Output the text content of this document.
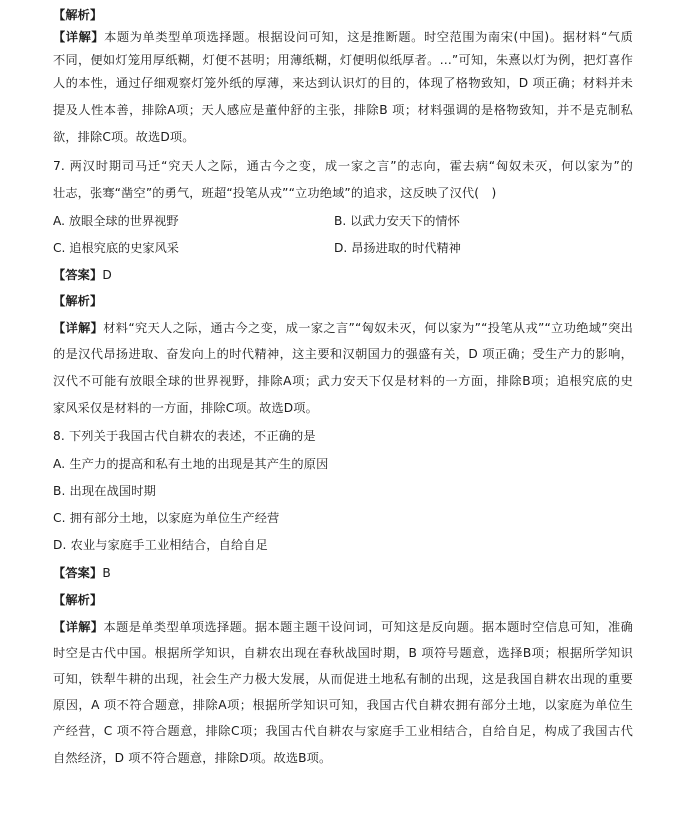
【解析】
【详解】本题为单类型单项选择题。根据设问可知，这是推断题。时空范围为南宋(中国)。据材料“气质
不同，便如灯笼用厚纸糊，灯便不甚明；用薄纸糊，灯便明似纸厚者。…”可知，朱熹以灯为例，把灯喜作
人的本性，通过仔细观察灯笼外纸的厚薄，来达到认识灯的目的，体现了格物致知，D 项正确；材料并未
提及人性本善，排除A项；天人感应是董仲舒的主张，排除B 项；材料强调的是格物致知，并不是克制私
欲，排除C项。故选D项。
7. 两汉时期司马迁“究天人之际，通古今之变，成一家之言”的志向，霍去病“匈奴未灭，何以家为”的
壮志，张骞“凿空”的勇气，班超“投笔从戎”“立功绝域”的追求，这反映了汉代(　)
A. 放眼全球的世界视野	B. 以武力安天下的情怀
C. 追根究底的史家风采	D. 昂扬进取的时代精神
【答案】D
【解析】
【详解】材料“究天人之际，通古今之变，成一家之言”“匈奴未灭，何以家为”“投笔从戎”“立功绝域”突出
的是汉代昂扬进取、奋发向上的时代精神，这主要和汉朝国力的强盛有关，D 项正确；受生产力的影响，
汉代不可能有放眼全球的世界视野，排除A项；武力安天下仅是材料的一方面，排除B项；追根究底的史
家风采仅是材料的一方面，排除C项。故选D项。
8. 下列关于我国古代自耕农的表述，不正确的是
A. 生产力的提高和私有土地的出现是其产生的原因
B. 出现在战国时期
C. 拥有部分土地，以家庭为单位生产经营
D. 农业与家庭手工业相结合，自给自足
【答案】B
【解析】
【详解】本题是单类型单项选择题。据本题主题干设问词，可知这是反向题。据本题时空信息可知，准确
时空是古代中国。根据所学知识，自耕农出现在春秋战国时期，B 项符号题意，选择B项；根据所学知识
可知，铁犁牛耕的出现，社会生产力极大发展，从而促进土地私有制的出现，这是我国自耕农出现的重要
原因，A 项不符合题意，排除A项；根据所学知识可知，我国古代自耕农拥有部分土地，以家庭为单位生
产经营，C 项不符合题意，排除C项；我国古代自耕农与家庭手工业相结合，自给自足，构成了我国古代
自然经济，D 项不符合题意，排除D项。故选B项。
